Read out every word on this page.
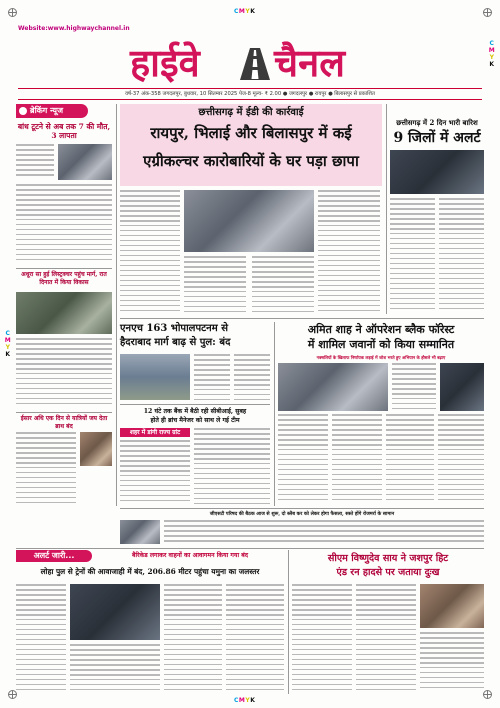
CMYK
CMYK
C
M
Y
K
C
M
Y
K
Website:www.highwaychannel.in
हाईवे चैनल
वर्ष-37 अंक-358 जगदलपुर, बुधवार, 10 सितम्बर 2025 पेज-8 मूल्य- ₹ 2.00 ● जगदलपुर ● रायपुर ● बिलासपुर से प्रकाशित
ब्रेकिंग न्यूज
बांध टूटने से अब तक 7 की मौत, 3 लापता
अधूरा सा हुई लिस्ट्रक्चर पहुंच मार्ग, रात दिनात में किया विकास
ईसार अधि एक दिन से यात्रियों जय देता ब्राथ बंद
छत्तीसगढ़ में ईडी की कार्रवाई
रायपुर, भिलाई और बिलासपुर में कई
एग्रीकल्चर कारोबारियों के घर पड़ा छापा
छत्तीसगढ़ में 2 दिन भारी बारिश
9 जिलों में अलर्ट
एनएच 163 भोपालपटनम से
हैदराबाद मार्ग बाढ़ से पुल: बंद
12 घंटे तक बैंक में बैठी रही सीबीआई, सुबह
होते ही ब्रांच मैनेजर को साथ ले गई टीम
शहर में डांगी राज्य ग्रांट
अमित शाह ने ऑपरेशन ब्लैक फॉरेस्ट
में शामिल जवानों को किया सम्मानित
नक्सलियों के खिलाफ निर्णायक लड़ाई में जोश भरते हुए अभियान के हौसले भी बढ़ाए
जीएसटी परिषद की बैठक आज से शुरू, दो स्लैब कर को लेकर होगा फैसला, सस्ते होंगे रोजमर्रा के सामान
अलर्ट जारी...	बैरिकेड लगाकर वाहनों का आवागमन किया गया बंद
लोहा पुल से ट्रेनों की आवाजाही में बंद, 206.86 मीटर पहुंचा यमुना का जलस्तर
सीएम विष्णुदेव साय ने जशपुर हिट
एंड रन हादसे पर जताया दुःख
